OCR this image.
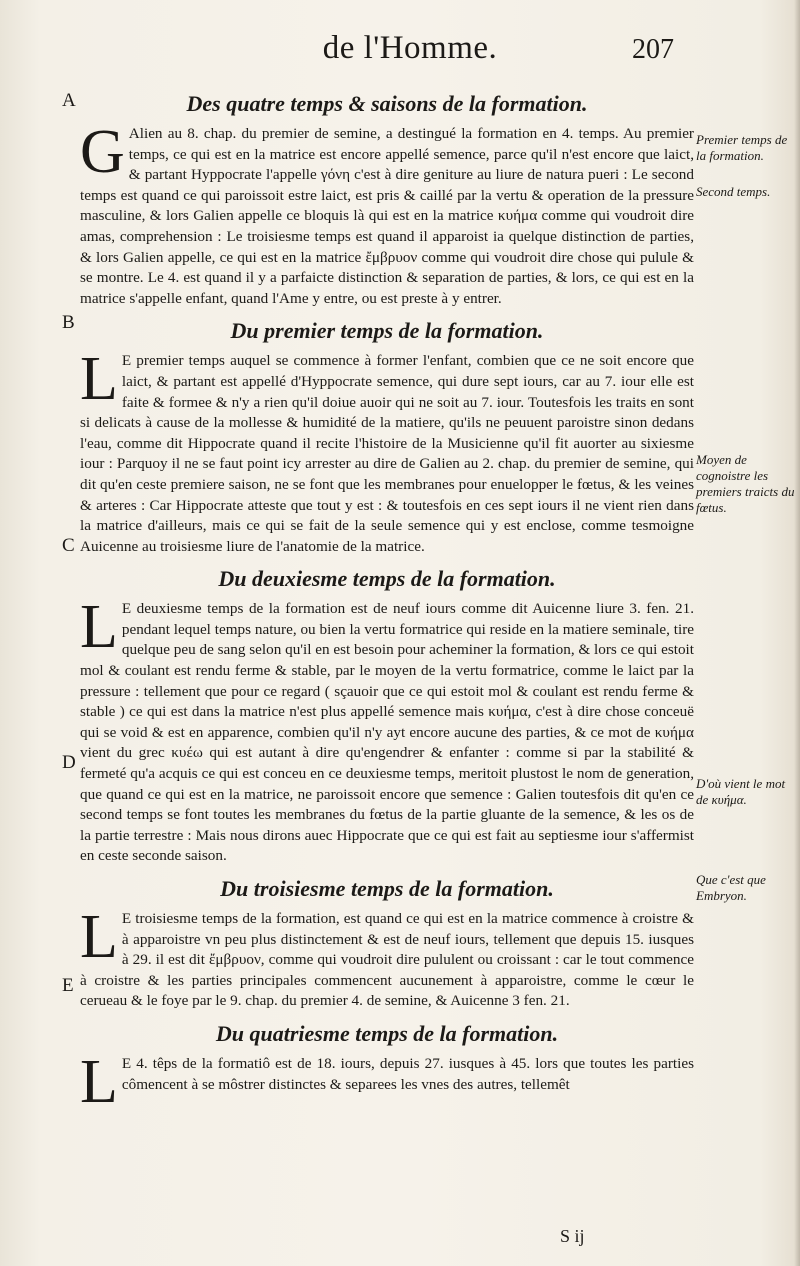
de l'Homme.	207
A
B
C
D
E
Premier temps de la formation.
Second temps.
Moyen de cognoistre les premiers traicts du fœtus.
D'où vient le mot de κυήμα.
Que c'est que Embryon.
Des quatre temps & saisons de la formation.
G Alien au 8. chap. du premier de semine, a destingué la formation en 4. temps. Au premier temps, ce qui est en la matrice est encore appellé semence, parce qu'il n'est encore que laict, & partant Hyppocrate l'appelle γόνη c'est à dire geniture au liure de natura pueri : Le second temps est quand ce qui paroissoit estre laict, est pris & caillé par la vertu & operation de la pressure masculine, & lors Galien appelle ce bloquis là qui est en la matrice κυήμα comme qui voudroit dire amas, comprehension : Le troisiesme temps est quand il apparoist ia quelque distinction de parties, & lors Galien appelle, ce qui est en la matrice ἔμβρυον comme qui voudroit dire chose qui pulule & se montre. Le 4. est quand il y a parfaicte distinction & separation de parties, & lors, ce qui est en la matrice s'appelle enfant, quand l'Ame y entre, ou est preste à y entrer.
Du premier temps de la formation.
L E premier temps auquel se commence à former l'enfant, combien que ce ne soit encore que laict, & partant est appellé d'Hyppocrate semence, qui dure sept iours, car au 7. iour elle est faite & formee & n'y a rien qu'il doiue auoir qui ne soit au 7. iour. Toutesfois les traits en sont si delicats à cause de la mollesse & humidité de la matiere, qu'ils ne peuuent paroistre sinon dedans l'eau, comme dit Hippocrate quand il recite l'histoire de la Musicienne qu'il fit auorter au sixiesme iour : Parquoy il ne se faut point icy arrester au dire de Galien au 2. chap. du premier de semine, qui dit qu'en ceste premiere saison, ne se font que les membranes pour enuelopper le fœtus, & les veines & arteres : Car Hippocrate atteste que tout y est : & toutesfois en ces sept iours il ne vient rien dans la matrice d'ailleurs, mais ce qui se fait de la seule semence qui y est enclose, comme tesmoigne Auicenne au troisiesme liure de l'anatomie de la matrice.
Du deuxiesme temps de la formation.
L E deuxiesme temps de la formation est de neuf iours comme dit Auicenne liure 3. fen. 21. pendant lequel temps nature, ou bien la vertu formatrice qui reside en la matiere seminale, tire quelque peu de sang selon qu'il en est besoin pour acheminer la formation, & lors ce qui estoit mol & coulant est rendu ferme & stable, par le moyen de la vertu formatrice, comme le laict par la pressure : tellement que pour ce regard ( sçauoir que ce qui estoit mol & coulant est rendu ferme & stable ) ce qui est dans la matrice n'est plus appellé semence mais κυήμα, c'est à dire chose conceuë qui se void & est en apparence, combien qu'il n'y ayt encore aucune des parties, & ce mot de κυήμα vient du grec κυέω qui est autant à dire qu'engendrer & enfanter : comme si par la stabilité & fermeté qu'a acquis ce qui est conceu en ce deuxiesme temps, meritoit plustost le nom de generation, que quand ce qui est en la matrice, ne paroissoit encore que semence : Galien toutesfois dit qu'en ce second temps se font toutes les membranes du fœtus de la partie gluante de la semence, & les os de la partie terrestre : Mais nous dirons auec Hippocrate que ce qui est fait au septiesme iour s'affermist en ceste seconde saison.
Du troisiesme temps de la formation.
L E troisiesme temps de la formation, est quand ce qui est en la matrice commence à croistre & à apparoistre vn peu plus distinctement & est de neuf iours, tellement que depuis 15. iusques à 29. il est dit ἔμβρυον, comme qui voudroit dire pululent ou croissant : car le tout commence à croistre & les parties principales commencent aucunement à apparoistre, comme le cœur le cerueau & le foye par le 9. chap. du premier 4. de semine, & Auicenne 3 fen. 21.
Du quatriesme temps de la formation.
L E 4. têps de la formatiô est de 18. iours, depuis 27. iusques à 45. lors que toutes les parties cômencent à se môstrer distinctes & separees les vnes des autres, tellemêt
S ij
